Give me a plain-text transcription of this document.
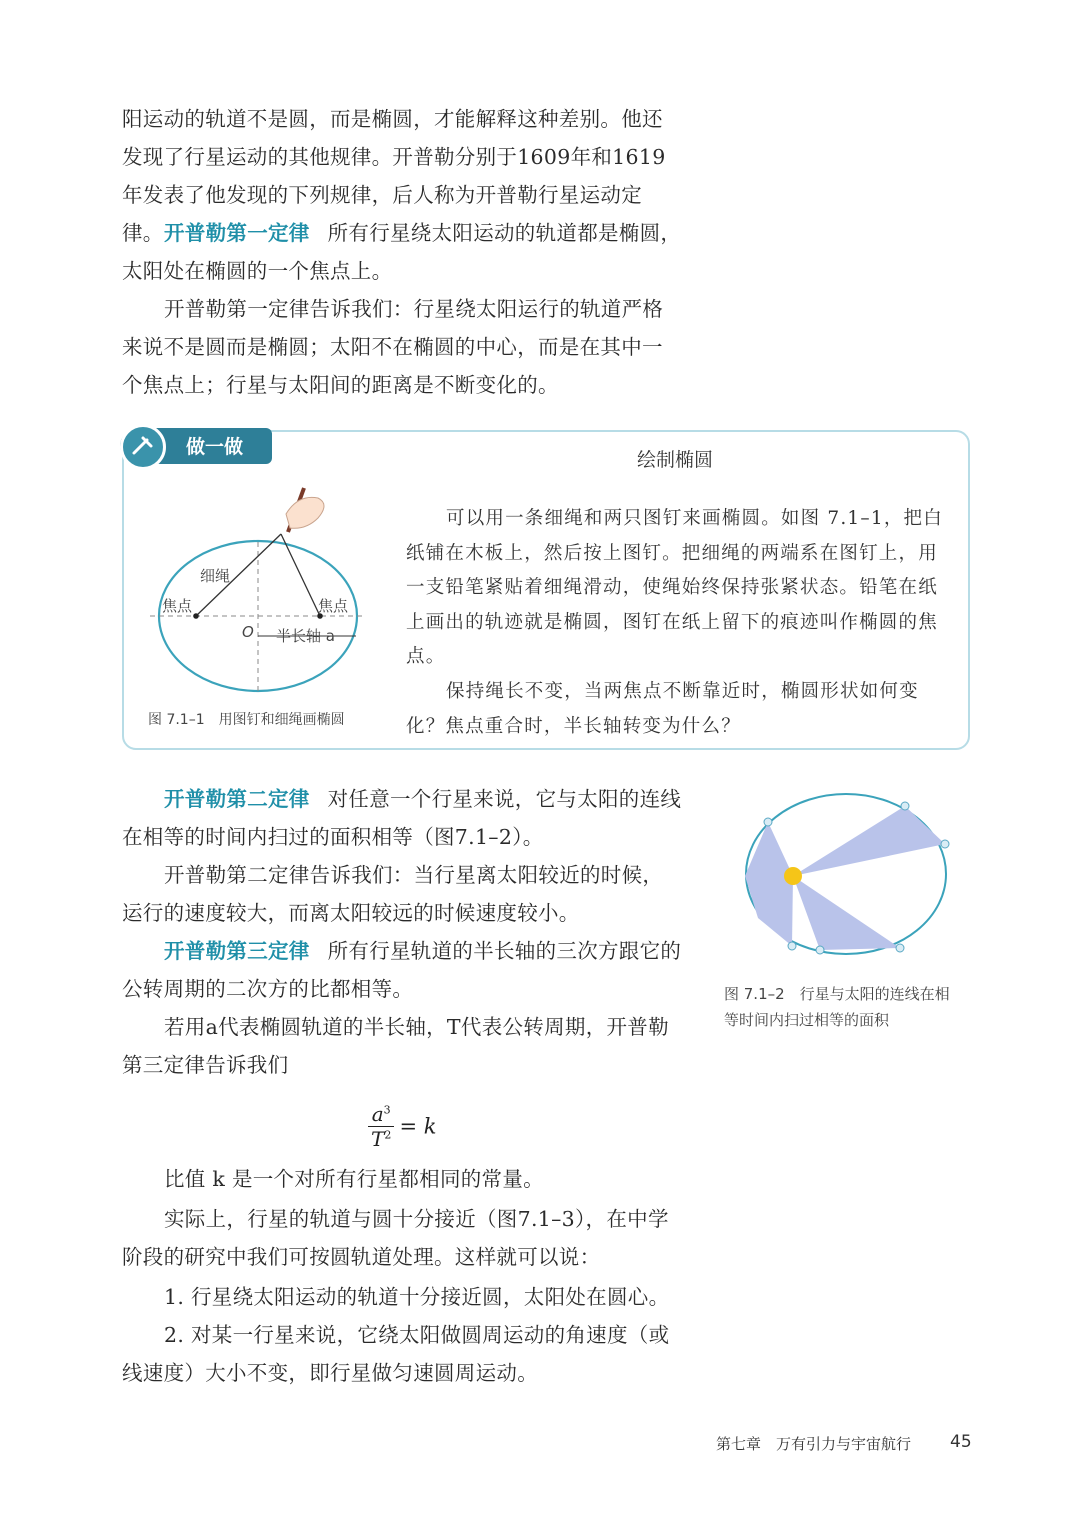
阳运动的轨道不是圆，而是椭圆，才能解释这种差别。他还发现了行星运动的其他规律。开普勒分别于1609年和1619年发表了他发现的下列规律，后人称为开普勒行星运动定律。 开普勒第一定律 所有行星绕太阳运动的轨道都是椭圆，太阳处在椭圆的一个焦点上。

开普勒第一定律告诉我们：行星绕太阳运行的轨道严格来说不是圆而是椭圆；太阳不在椭圆的中心，而是在其中一个焦点上；行星与太阳间的距离是不断变化的。

做一做
绘制椭圆
细绳
焦点	焦点
O 半长轴 a
图 7.1–1　用图钉和细绳画椭圆

可以用一条细绳和两只图钉来画椭圆。如图 7.1–1，把白纸铺在木板上，然后按上图钉。把细绳的两端系在图钉上，用一支铅笔紧贴着细绳滑动，使绳始终保持张紧状态。铅笔在纸上画出的轨迹就是椭圆，图钉在纸上留下的痕迹叫作椭圆的焦点。

保持绳长不变，当两焦点不断靠近时，椭圆形状如何变化？焦点重合时，半长轴转变为什么？

开普勒第二定律 对任意一个行星来说，它与太阳的连线在相等的时间内扫过的面积相等（图7.1–2）。

开普勒第二定律告诉我们：当行星离太阳较近的时候，运行的速度较大，而离太阳较远的时候速度较小。

开普勒第三定律 所有行星轨道的半长轴的三次方跟它的公转周期的二次方的比都相等。

若用a代表椭圆轨道的半长轴，T代表公转周期，开普勒第三定律告诉我们

$\frac{a^3}{T^2} = k$

比值 k 是一个对所有行星都相同的常量。

实际上，行星的轨道与圆十分接近（图7.1–3），在中学阶段的研究中我们可按圆轨道处理。这样就可以说：

1. 行星绕太阳运动的轨道十分接近圆，太阳处在圆心。

2. 对某一行星来说，它绕太阳做圆周运动的角速度（或线速度）大小不变，即行星做匀速圆周运动。

图 7.1–2　行星与太阳的连线在相
等时间内扫过相等的面积
第七章　万有引力与宇宙航行 45
